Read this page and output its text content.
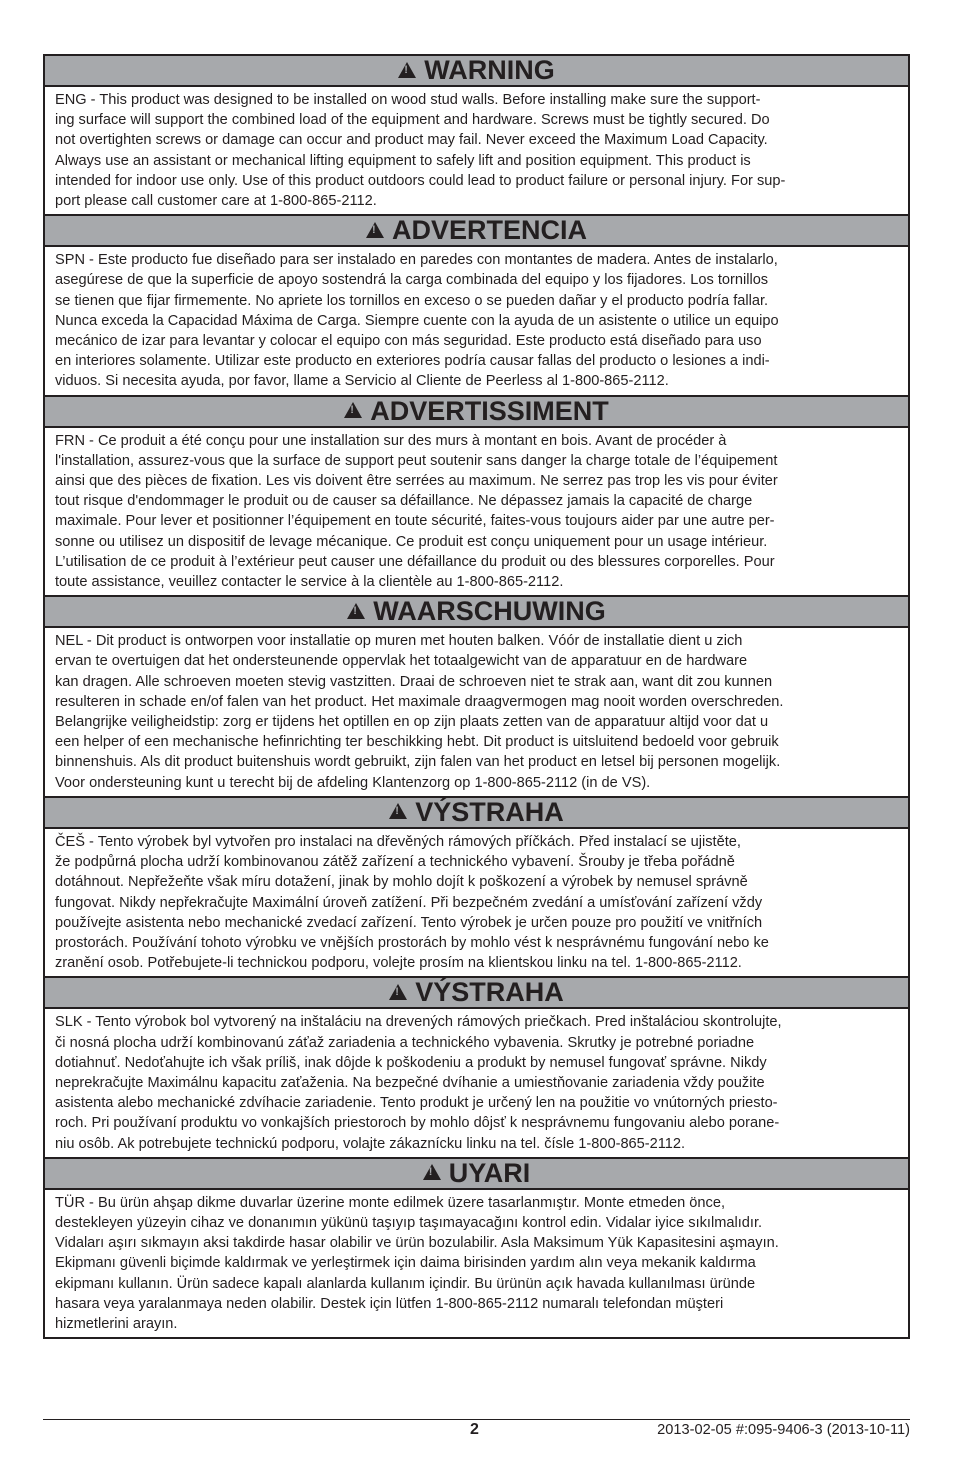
!
WARNING
ENG - This product was designed to be installed on wood stud walls. Before installing make sure the support-
ing surface will support the combined load of the equipment and hardware. Screws must be tightly secured. Do
not overtighten screws or damage can occur and product may fail. Never exceed the Maximum Load Capacity.
Always use an assistant or mechanical lifting equipment to safely lift and position equipment. This product is
intended for indoor use only. Use of this product outdoors could lead to product failure or personal injury. For sup-
port please call customer care at 1-800-865-2112.
!
ADVERTENCIA
SPN - Este producto fue diseñado para ser instalado en paredes con montantes de madera. Antes de instalarlo,
asegúrese de que la superficie de apoyo sostendrá la carga combinada del equipo y los fijadores. Los tornillos
se tienen que fijar firmemente. No apriete los tornillos en exceso o se pueden dañar y el producto podría fallar.
Nunca exceda la Capacidad Máxima de Carga. Siempre cuente con la ayuda de un asistente o utilice un equipo
mecánico de izar para levantar y colocar el equipo con más seguridad. Este producto está diseñado para uso
en interiores solamente. Utilizar este producto en exteriores podría causar fallas del producto o lesiones a indi-
viduos. Si necesita ayuda, por favor, llame a Servicio al Cliente de Peerless al 1-800-865-2112.
!
ADVERTISSIMENT
FRN - Ce produit a été conçu pour une installation sur des murs à montant en bois. Avant de procéder à
l'installation, assurez-vous que la surface de support peut soutenir sans danger la charge totale de l’équipement
ainsi que des pièces de fixation. Les vis doivent être serrées au maximum. Ne serrez pas trop les vis pour éviter
tout risque d'endommager le produit ou de causer sa défaillance. Ne dépassez jamais la capacité de charge
maximale. Pour lever et positionner l’équipement en toute sécurité, faites-vous toujours aider par une autre per-
sonne ou utilisez un dispositif de levage mécanique. Ce produit est conçu uniquement pour un usage intérieur.
L’utilisation de ce produit à l’extérieur peut causer une défaillance du produit ou des blessures corporelles. Pour
toute assistance, veuillez contacter le service à la clientèle au 1-800-865-2112.
!
WAARSCHUWING
NEL - Dit product is ontworpen voor installatie op muren met houten balken. Vóór de installatie dient u zich
ervan te overtuigen dat het ondersteunende oppervlak het totaalgewicht van de apparatuur en de hardware
kan dragen. Alle schroeven moeten stevig vastzitten. Draai de schroeven niet te strak aan, want dit zou kunnen
resulteren in schade en/of falen van het product. Het maximale draagvermogen mag nooit worden overschreden.
Belangrijke veiligheidstip: zorg er tijdens het optillen en op zijn plaats zetten van de apparatuur altijd voor dat u
een helper of een mechanische hefinrichting ter beschikking hebt. Dit product is uitsluitend bedoeld voor gebruik
binnenshuis. Als dit product buitenshuis wordt gebruikt, zijn falen van het product en letsel bij personen mogelijk.
Voor ondersteuning kunt u terecht bij de afdeling Klantenzorg op 1-800-865-2112 (in de VS).
!
VÝSTRAHA
ČEŠ - Tento výrobek byl vytvořen pro instalaci na dřevěných rámových příčkách. Před instalací se ujistěte,
že podpůrná plocha udrží kombinovanou zátěž zařízení a technického vybavení. Šrouby je třeba pořádně
dotáhnout. Nepřežeňte však míru dotažení, jinak by mohlo dojít k poškození a výrobek by nemusel správně
fungovat. Nikdy nepřekračujte Maximální úroveň zatížení. Při bezpečném zvedání a umísťování zařízení vždy
používejte asistenta nebo mechanické zvedací zařízení. Tento výrobek je určen pouze pro použití ve vnitřních
prostorách. Používání tohoto výrobku ve vnějších prostorách by mohlo vést k nesprávnému fungování nebo ke
zranění osob. Potřebujete-li technickou podporu, volejte prosím na klientskou linku na tel. 1-800-865-2112.
!
VÝSTRAHA
SLK - Tento výrobok bol vytvorený na inštaláciu na drevených rámových priečkach. Pred inštaláciou skontrolujte,
či nosná plocha udrží kombinovanú záťaž zariadenia a technického vybavenia. Skrutky je potrebné poriadne
dotiahnuť. Nedoťahujte ich však príliš, inak dôjde k poškodeniu a produkt by nemusel fungovať správne. Nikdy
neprekračujte Maximálnu kapacitu zaťaženia. Na bezpečné dvíhanie a umiestňovanie zariadenia vždy použite
asistenta alebo mechanické zdvíhacie zariadenie. Tento produkt je určený len na použitie vo vnútorných priesto-
roch. Pri používaní produktu vo vonkajších priestoroch by mohlo dôjsť k nesprávnemu fungovaniu alebo porane-
niu osôb. Ak potrebujete technickú podporu, volajte zákaznícku linku na tel. čísle 1-800-865-2112.
!
UYARI
TÜR - Bu ürün ahşap dikme duvarlar üzerine monte edilmek üzere tasarlanmıştır. Monte etmeden önce,
destekleyen yüzeyin cihaz ve donanımın yükünü taşıyıp taşımayacağını kontrol edin. Vidalar iyice sıkılmalıdır.
Vidaları aşırı sıkmayın aksi takdirde hasar olabilir ve ürün bozulabilir. Asla Maksimum Yük Kapasitesini aşmayın.
Ekipmanı güvenli biçimde kaldırmak ve yerleştirmek için daima birisinden yardım alın veya mekanik kaldırma
ekipmanı kullanın. Ürün sadece kapalı alanlarda kullanım içindir. Bu ürünün açık havada kullanılması üründe
hasara veya yaralanmaya neden olabilir. Destek için lütfen 1-800-865-2112 numaralı telefondan müşteri
hizmetlerini arayın.
2	2013-02-05 #:095-9406-3 (2013-10-11)
